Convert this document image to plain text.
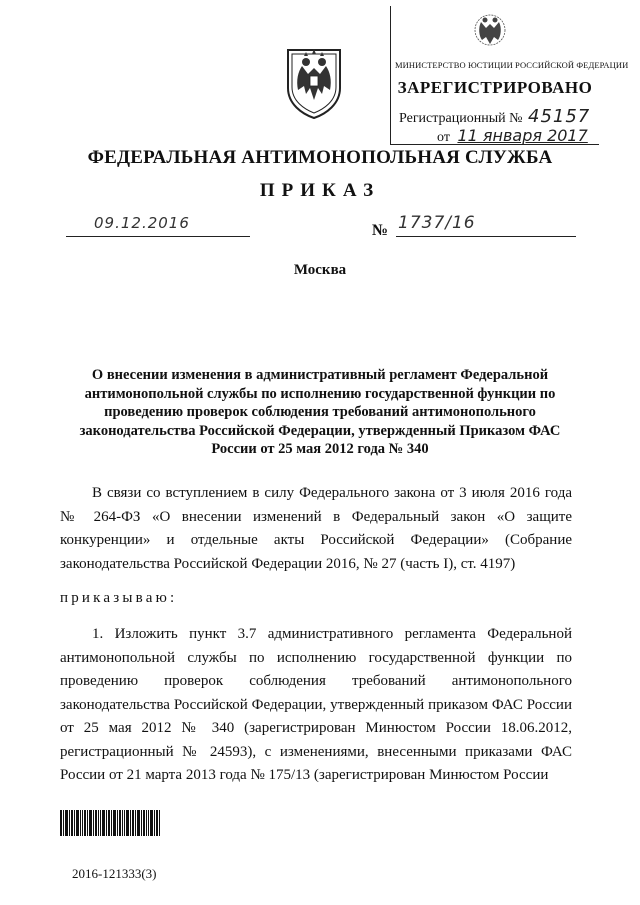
МИНИСТЕРСТВО ЮСТИЦИИ РОССИЙСКОЙ ФЕДЕРАЦИИ
ЗАРЕГИСТРИРОВАНО
Регистрационный № 45157
от 11 января 2017
ФЕДЕРАЛЬНАЯ АНТИМОНОПОЛЬНАЯ СЛУЖБА
ПРИКАЗ
09.12.2016	№ 1737/16
Москва
О внесении изменения в административный регламент Федеральной антимонопольной службы по исполнению государственной функции по проведению проверок соблюдения требований антимонопольного законодательства Российской Федерации, утвержденный Приказом ФАС России от 25 мая 2012 года № 340
В связи со вступлением в силу Федерального закона от 3 июля 2016 года № 264-ФЗ «О внесении изменений в Федеральный закон «О защите конкуренции» и отдельные акты Российской Федерации» (Собрание законодательства Российской Федерации 2016, № 27 (часть I), ст. 4197)
приказываю:
1. Изложить пункт 3.7 административного регламента Федеральной антимонопольной службы по исполнению государственной функции по проведению проверок соблюдения требований антимонопольного законодательства Российской Федерации, утвержденный приказом ФАС России от 25 мая 2012 № 340 (зарегистрирован Минюстом России 18.06.2012, регистрационный № 24593), с изменениями, внесенными приказами ФАС России от 21 марта 2013 года № 175/13 (зарегистрирован Минюстом России
2016-121333(3)
